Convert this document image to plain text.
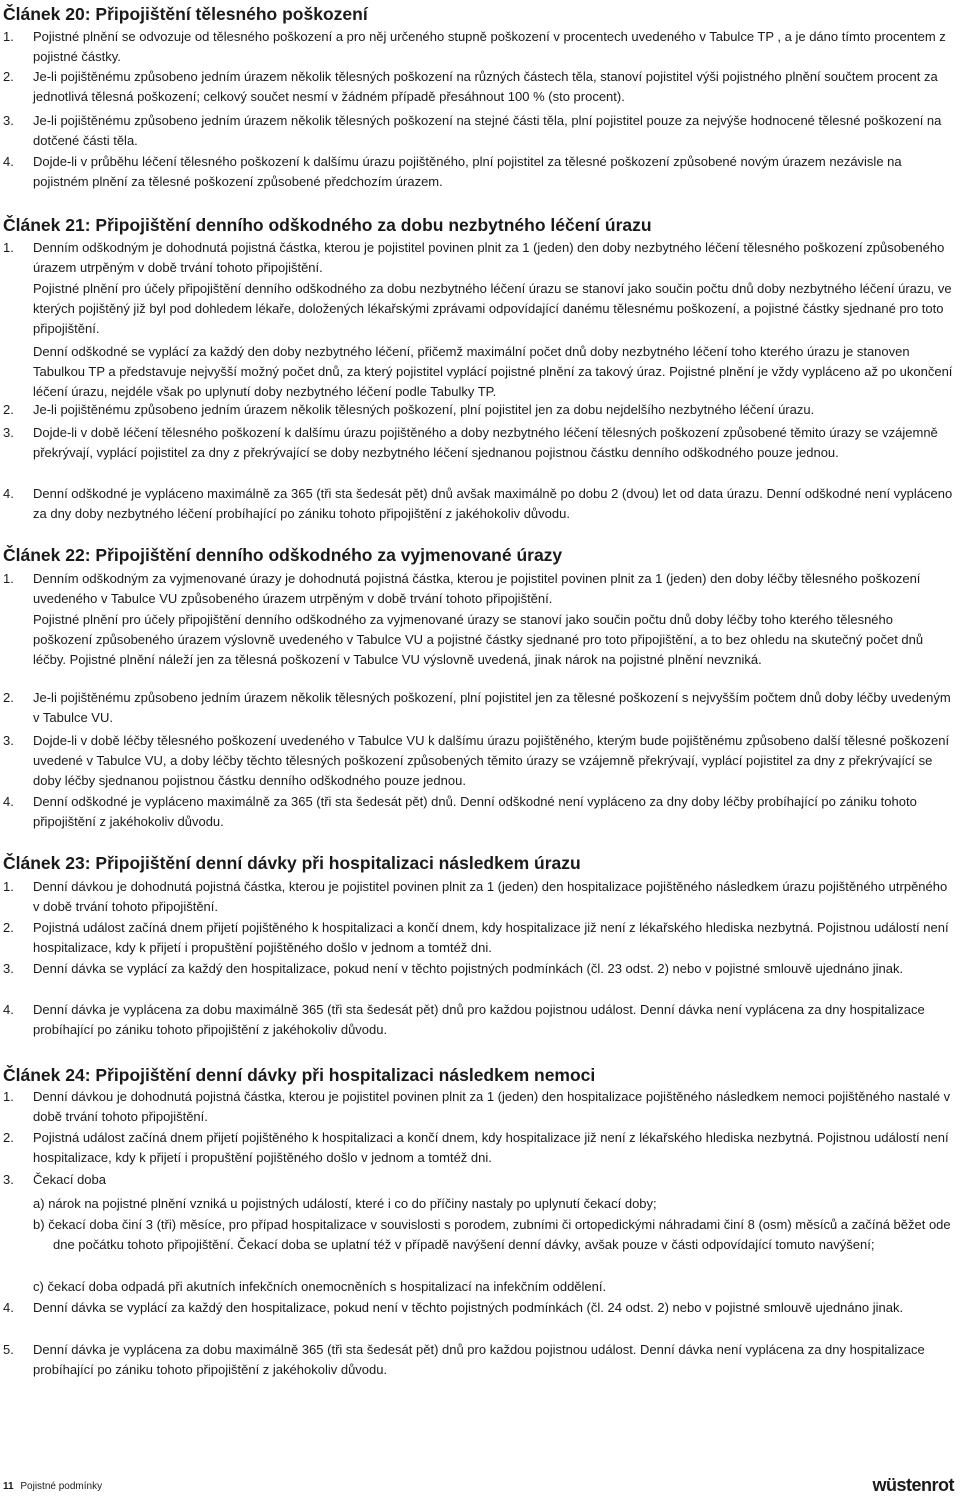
Článek 20: Připojištění tělesného poškození
1. Pojistné plnění se odvozuje od tělesného poškození a pro něj určeného stupně poškození v procentech uvedeného v Tabulce TP , a je dáno tímto procentem z pojistné částky.
2. Je-li pojištěnému způsobeno jedním úrazem několik tělesných poškození na různých částech těla, stanoví pojistitel výši pojistného plnění součtem procent za jednotlivá tělesná poškození; celkový součet nesmí v žádném případě přesáhnout 100 % (sto procent).
3. Je-li pojištěnému způsobeno jedním úrazem několik tělesných poškození na stejné části těla, plní pojistitel pouze za nejvýše hodnocené tělesné poškození na dotčené části těla.
4. Dojde-li v průběhu léčení tělesného poškození k dalšímu úrazu pojištěného, plní pojistitel za tělesné poškození způsobené novým úrazem nezávisle na pojistném plnění za tělesné poškození způsobené předchozím úrazem.
Článek 21: Připojištění denního odškodného za dobu nezbytného léčení úrazu
1. Denním odškodným je dohodnutá pojistná částka, kterou je pojistitel povinen plnit za 1 (jeden) den doby nezbytného léčení tělesného poškození způsobeného úrazem utrpěným v době trvání tohoto připojištění.
Pojistné plnění pro účely připojištění denního odškodného za dobu nezbytného léčení úrazu se stanoví jako součin počtu dnů doby nezbytného léčení úrazu, ve kterých pojištěný již byl pod dohledem lékaře, doložených lékařskými zprávami odpovídající danému tělesnému poškození, a pojistné částky sjednané pro toto připojištění.
Denní odškodné se vyplácí za každý den doby nezbytného léčení, přičemž maximální počet dnů doby nezbytného léčení toho kterého úrazu je stanoven Tabulkou TP a představuje nejvyšší možný počet dnů, za který pojistitel vyplácí pojistné plnění za takový úraz. Pojistné plnění je vždy vypláceno až po ukončení léčení úrazu, nejdéle však po uplynutí doby nezbytného léčení podle Tabulky TP.
2. Je-li pojištěnému způsobeno jedním úrazem několik tělesných poškození, plní pojistitel jen za dobu nejdelšího nezbytného léčení úrazu.
3. Dojde-li v době léčení tělesného poškození k dalšímu úrazu pojištěného a doby nezbytného léčení tělesných poškození způsobené těmito úrazy se vzájemně překrývají, vyplácí pojistitel za dny z překrývající se doby nezbytného léčení sjednanou pojistnou částku denního odškodného pouze jednou.
4. Denní odškodné je vypláceno maximálně za 365 (tři sta šedesát pět) dnů avšak maximálně po dobu 2 (dvou) let od data úrazu. Denní odškodné není vypláceno za dny doby nezbytného léčení probíhající po zániku tohoto připojištění z jakéhokoliv důvodu.
Článek 22: Připojištění denního odškodného za vyjmenované úrazy
1. Denním odškodným za vyjmenované úrazy je dohodnutá pojistná částka, kterou je pojistitel povinen plnit za 1 (jeden) den doby léčby tělesného poškození uvedeného v Tabulce VU způsobeného úrazem utrpěným v době trvání tohoto připojištění.
Pojistné plnění pro účely připojištění denního odškodného za vyjmenované úrazy se stanoví jako součin počtu dnů doby léčby toho kterého tělesného poškození způsobeného úrazem výslovně uvedeného v Tabulce VU a pojistné částky sjednané pro toto připojištění, a to bez ohledu na skutečný počet dnů léčby. Pojistné plnění náleží jen za tělesná poškození v Tabulce VU výslovně uvedená, jinak nárok na pojistné plnění nevzniká.
2. Je-li pojištěnému způsobeno jedním úrazem několik tělesných poškození, plní pojistitel jen za tělesné poškození s nejvyšším počtem dnů doby léčby uvedeným v Tabulce VU.
3. Dojde-li v době léčby tělesného poškození uvedeného v Tabulce VU k dalšímu úrazu pojištěného, kterým bude pojištěnému způsobeno další tělesné poškození uvedené v Tabulce VU, a doby léčby těchto tělesných poškození způsobených těmito úrazy se vzájemně překrývají, vyplácí pojistitel za dny z překrývající se doby léčby sjednanou pojistnou částku denního odškodného pouze jednou.
4. Denní odškodné je vypláceno maximálně za 365 (tři sta šedesát pět) dnů. Denní odškodné není vypláceno za dny doby léčby probíhající po zániku tohoto připojištění z jakéhokoliv důvodu.
Článek 23: Připojištění denní dávky při hospitalizaci následkem úrazu
1. Denní dávkou je dohodnutá pojistná částka, kterou je pojistitel povinen plnit za 1 (jeden) den hospitalizace pojištěného následkem úrazu pojištěného utrpěného v době trvání tohoto připojištění.
2. Pojistná událost začíná dnem přijetí pojištěného k hospitalizaci a končí dnem, kdy hospitalizace již není z lékařského hlediska nezbytná. Pojistnou událostí není hospitalizace, kdy k přijetí i propuštění pojištěného došlo v jednom a tomtéž dni.
3. Denní dávka se vyplácí za každý den hospitalizace, pokud není v těchto pojistných podmínkách (čl. 23 odst. 2) nebo v pojistné smlouvě ujednáno jinak.
4. Denní dávka je vyplácena za dobu maximálně 365 (tři sta šedesát pět) dnů pro každou pojistnou událost. Denní dávka není vyplácena za dny hospitalizace probíhající po zániku tohoto připojištění z jakéhokoliv důvodu.
Článek 24: Připojištění denní dávky při hospitalizaci následkem nemoci
1. Denní dávkou je dohodnutá pojistná částka, kterou je pojistitel povinen plnit za 1 (jeden) den hospitalizace pojištěného následkem nemoci pojištěného nastalé v době trvání tohoto připojištění.
2. Pojistná událost začíná dnem přijetí pojištěného k hospitalizaci a končí dnem, kdy hospitalizace již není z lékařského hlediska nezbytná. Pojistnou událostí není hospitalizace, kdy k přijetí i propuštění pojištěného došlo v jednom a tomtéž dni.
3. Čekací doba
a) nárok na pojistné plnění vzniká u pojistných událostí, které i co do příčiny nastaly po uplynutí čekací doby;
b) čekací doba činí 3 (tři) měsíce, pro případ hospitalizace v souvislosti s porodem, zubními či ortopedickými náhradami činí 8 (osm) měsíců a začíná běžet ode dne počátku tohoto připojištění. Čekací doba se uplatní též v případě navýšení denní dávky, avšak pouze v části odpovídající tomuto navýšení;
c) čekací doba odpadá při akutních infekčních onemocněních s hospitalizací na infekčním oddělení.
4. Denní dávka se vyplácí za každý den hospitalizace, pokud není v těchto pojistných podmínkách (čl. 24 odst. 2) nebo v pojistné smlouvě ujednáno jinak.
5. Denní dávka je vyplácena za dobu maximálně 365 (tři sta šedesát pět) dnů pro každou pojistnou událost. Denní dávka není vyplácena za dny hospitalizace probíhající po zániku tohoto připojištění z jakéhokoliv důvodu.
11 Pojistné podmínky	wüstenrot
